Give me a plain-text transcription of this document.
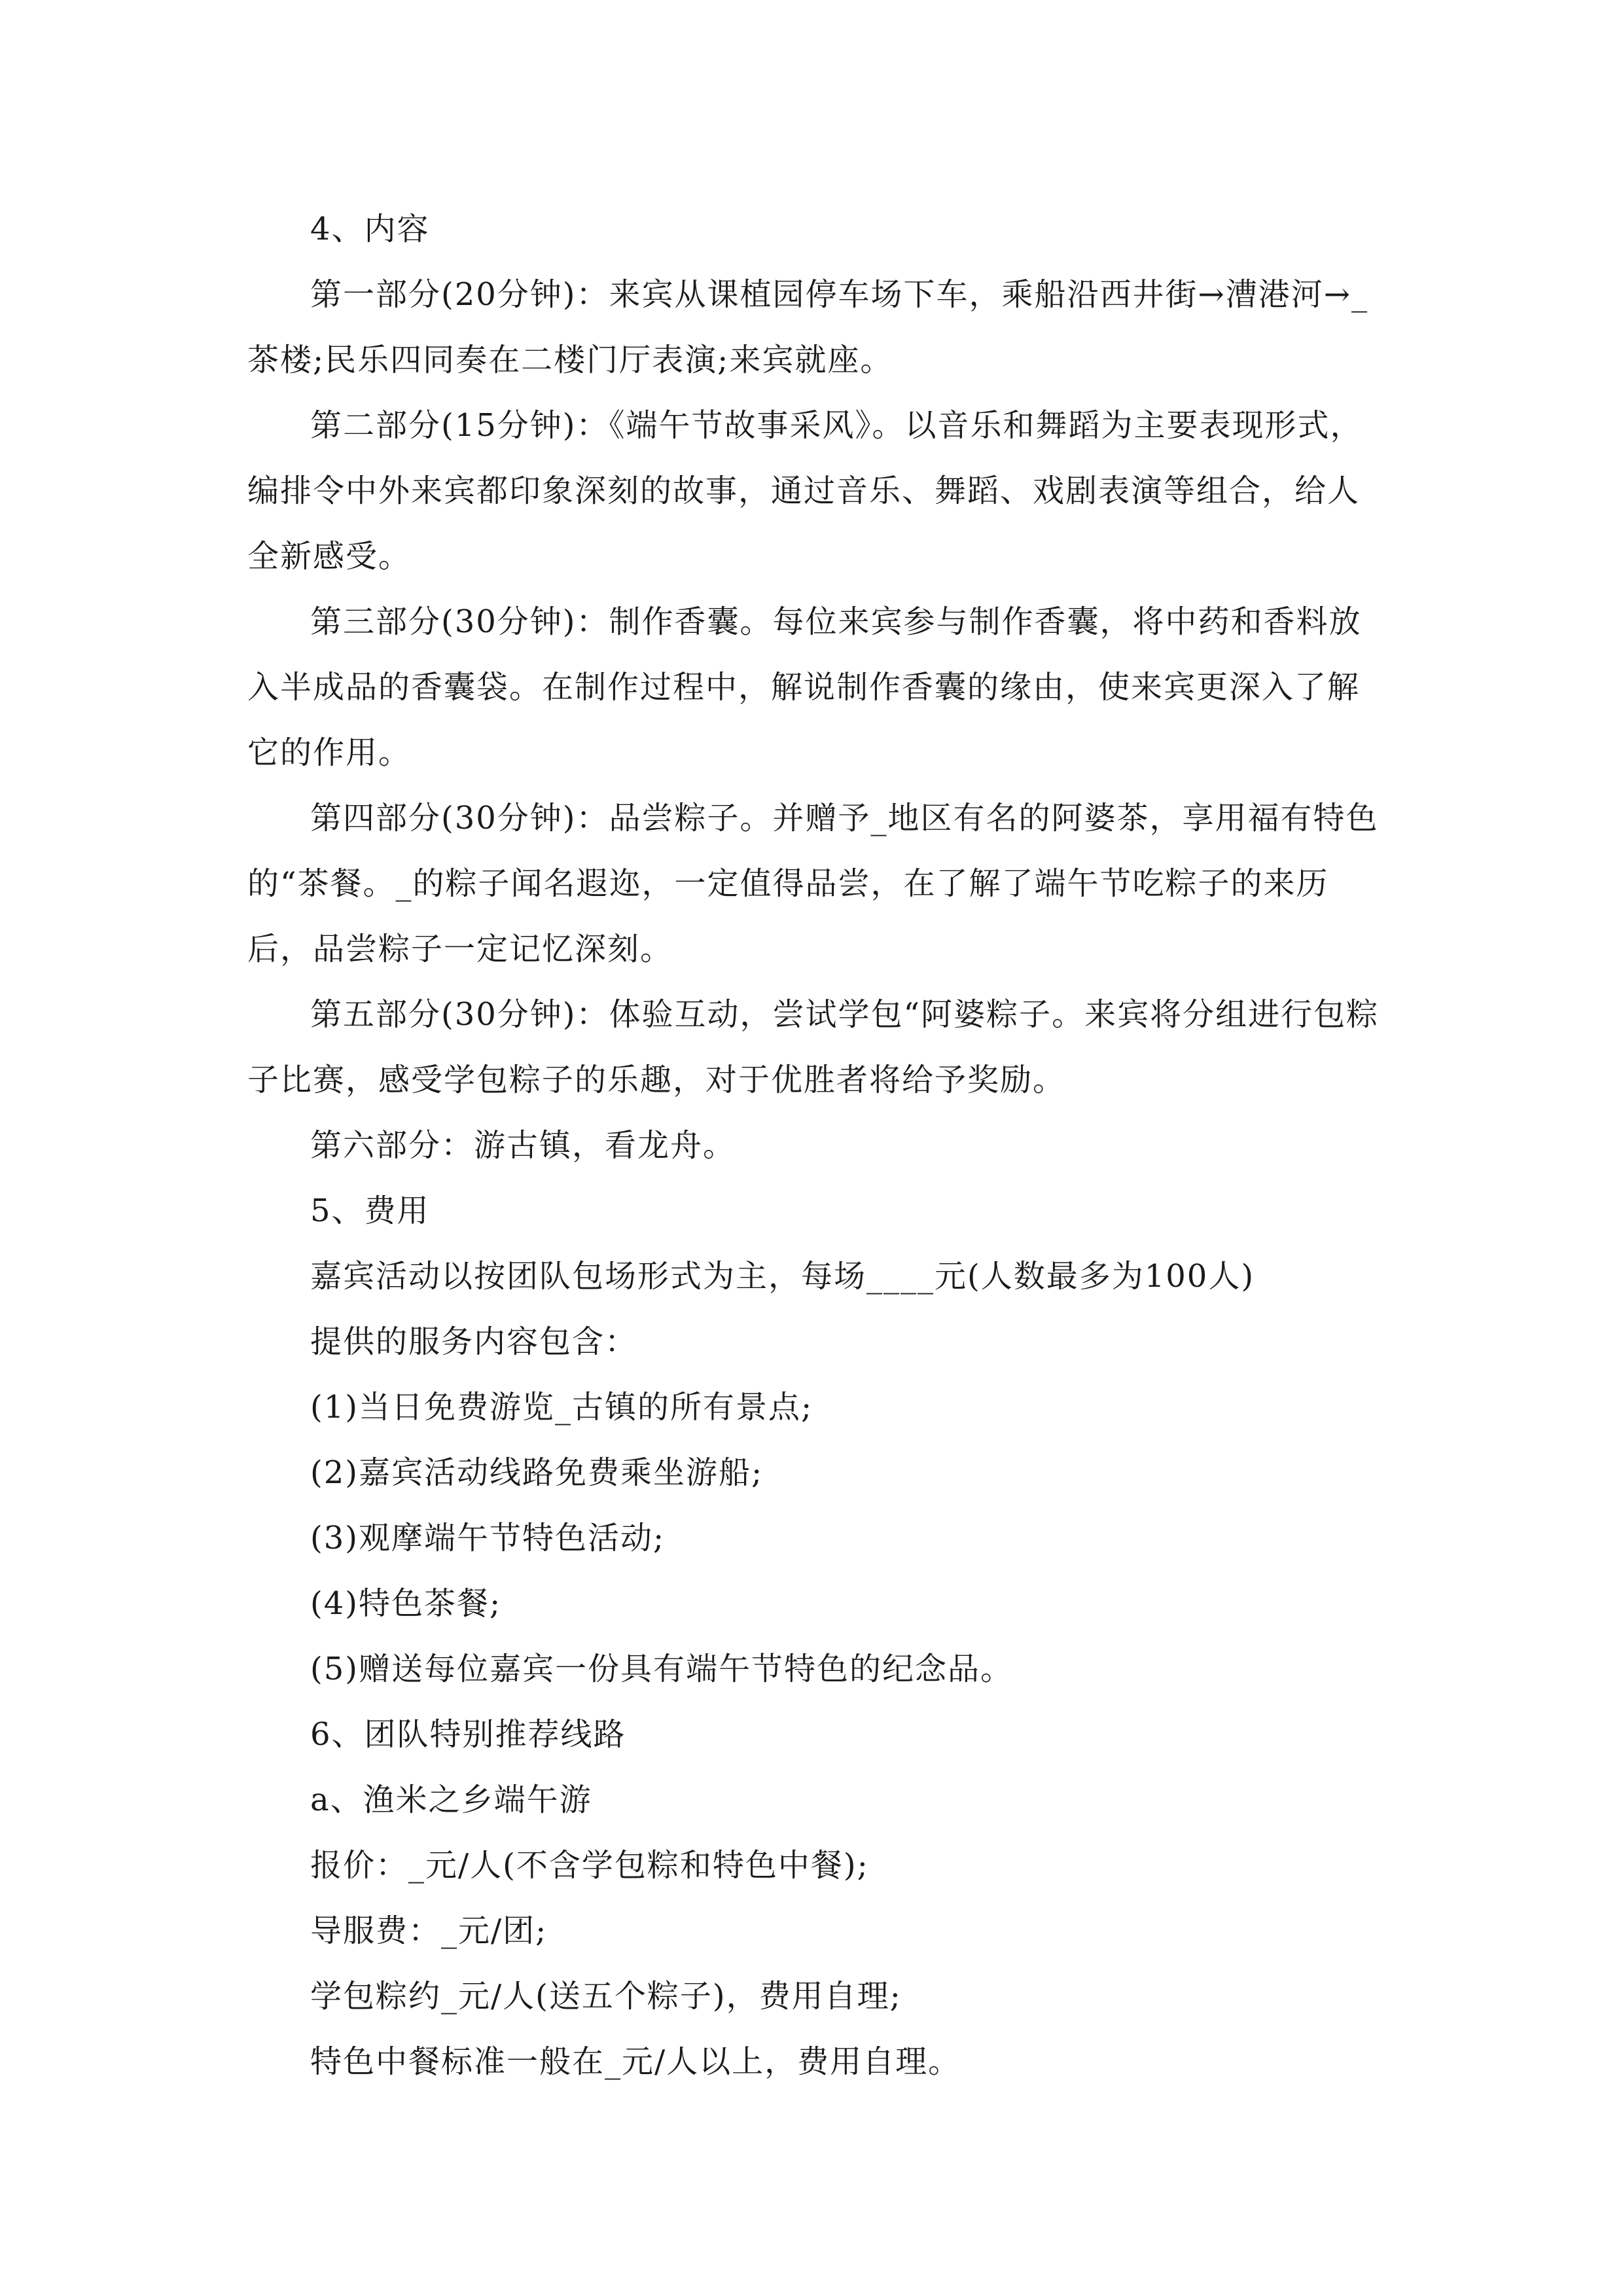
4、内容

第一部分(20分钟)：来宾从课植园停车场下车，乘船沿西井街→漕港河→_茶楼;民乐四同奏在二楼门厅表演;来宾就座。

第二部分(15分钟)：《端午节故事采风》。以音乐和舞蹈为主要表现形式，编排令中外来宾都印象深刻的故事，通过音乐、舞蹈、戏剧表演等组合，给人全新感受。

第三部分(30分钟)：制作香囊。每位来宾参与制作香囊，将中药和香料放入半成品的香囊袋。在制作过程中，解说制作香囊的缘由，使来宾更深入了解它的作用。

第四部分(30分钟)：品尝粽子。并赠予_地区有名的阿婆茶，享用福有特色的“茶餐。_的粽子闻名遐迩，一定值得品尝，在了解了端午节吃粽子的来历后，品尝粽子一定记忆深刻。

第五部分(30分钟)：体验互动，尝试学包“阿婆粽子。来宾将分组进行包粽子比赛，感受学包粽子的乐趣，对于优胜者将给予奖励。

第六部分：游古镇，看龙舟。

5、费用

嘉宾活动以按团队包场形式为主，每场____元(人数最多为100人)

提供的服务内容包含：

(1)当日免费游览_古镇的所有景点;

(2)嘉宾活动线路免费乘坐游船;

(3)观摩端午节特色活动;

(4)特色茶餐;

(5)赠送每位嘉宾一份具有端午节特色的纪念品。

6、团队特别推荐线路

a、渔米之乡端午游

报价：_元/人(不含学包粽和特色中餐);

导服费：_元/团;

学包粽约_元/人(送五个粽子)，费用自理;

特色中餐标准一般在_元/人以上，费用自理。
